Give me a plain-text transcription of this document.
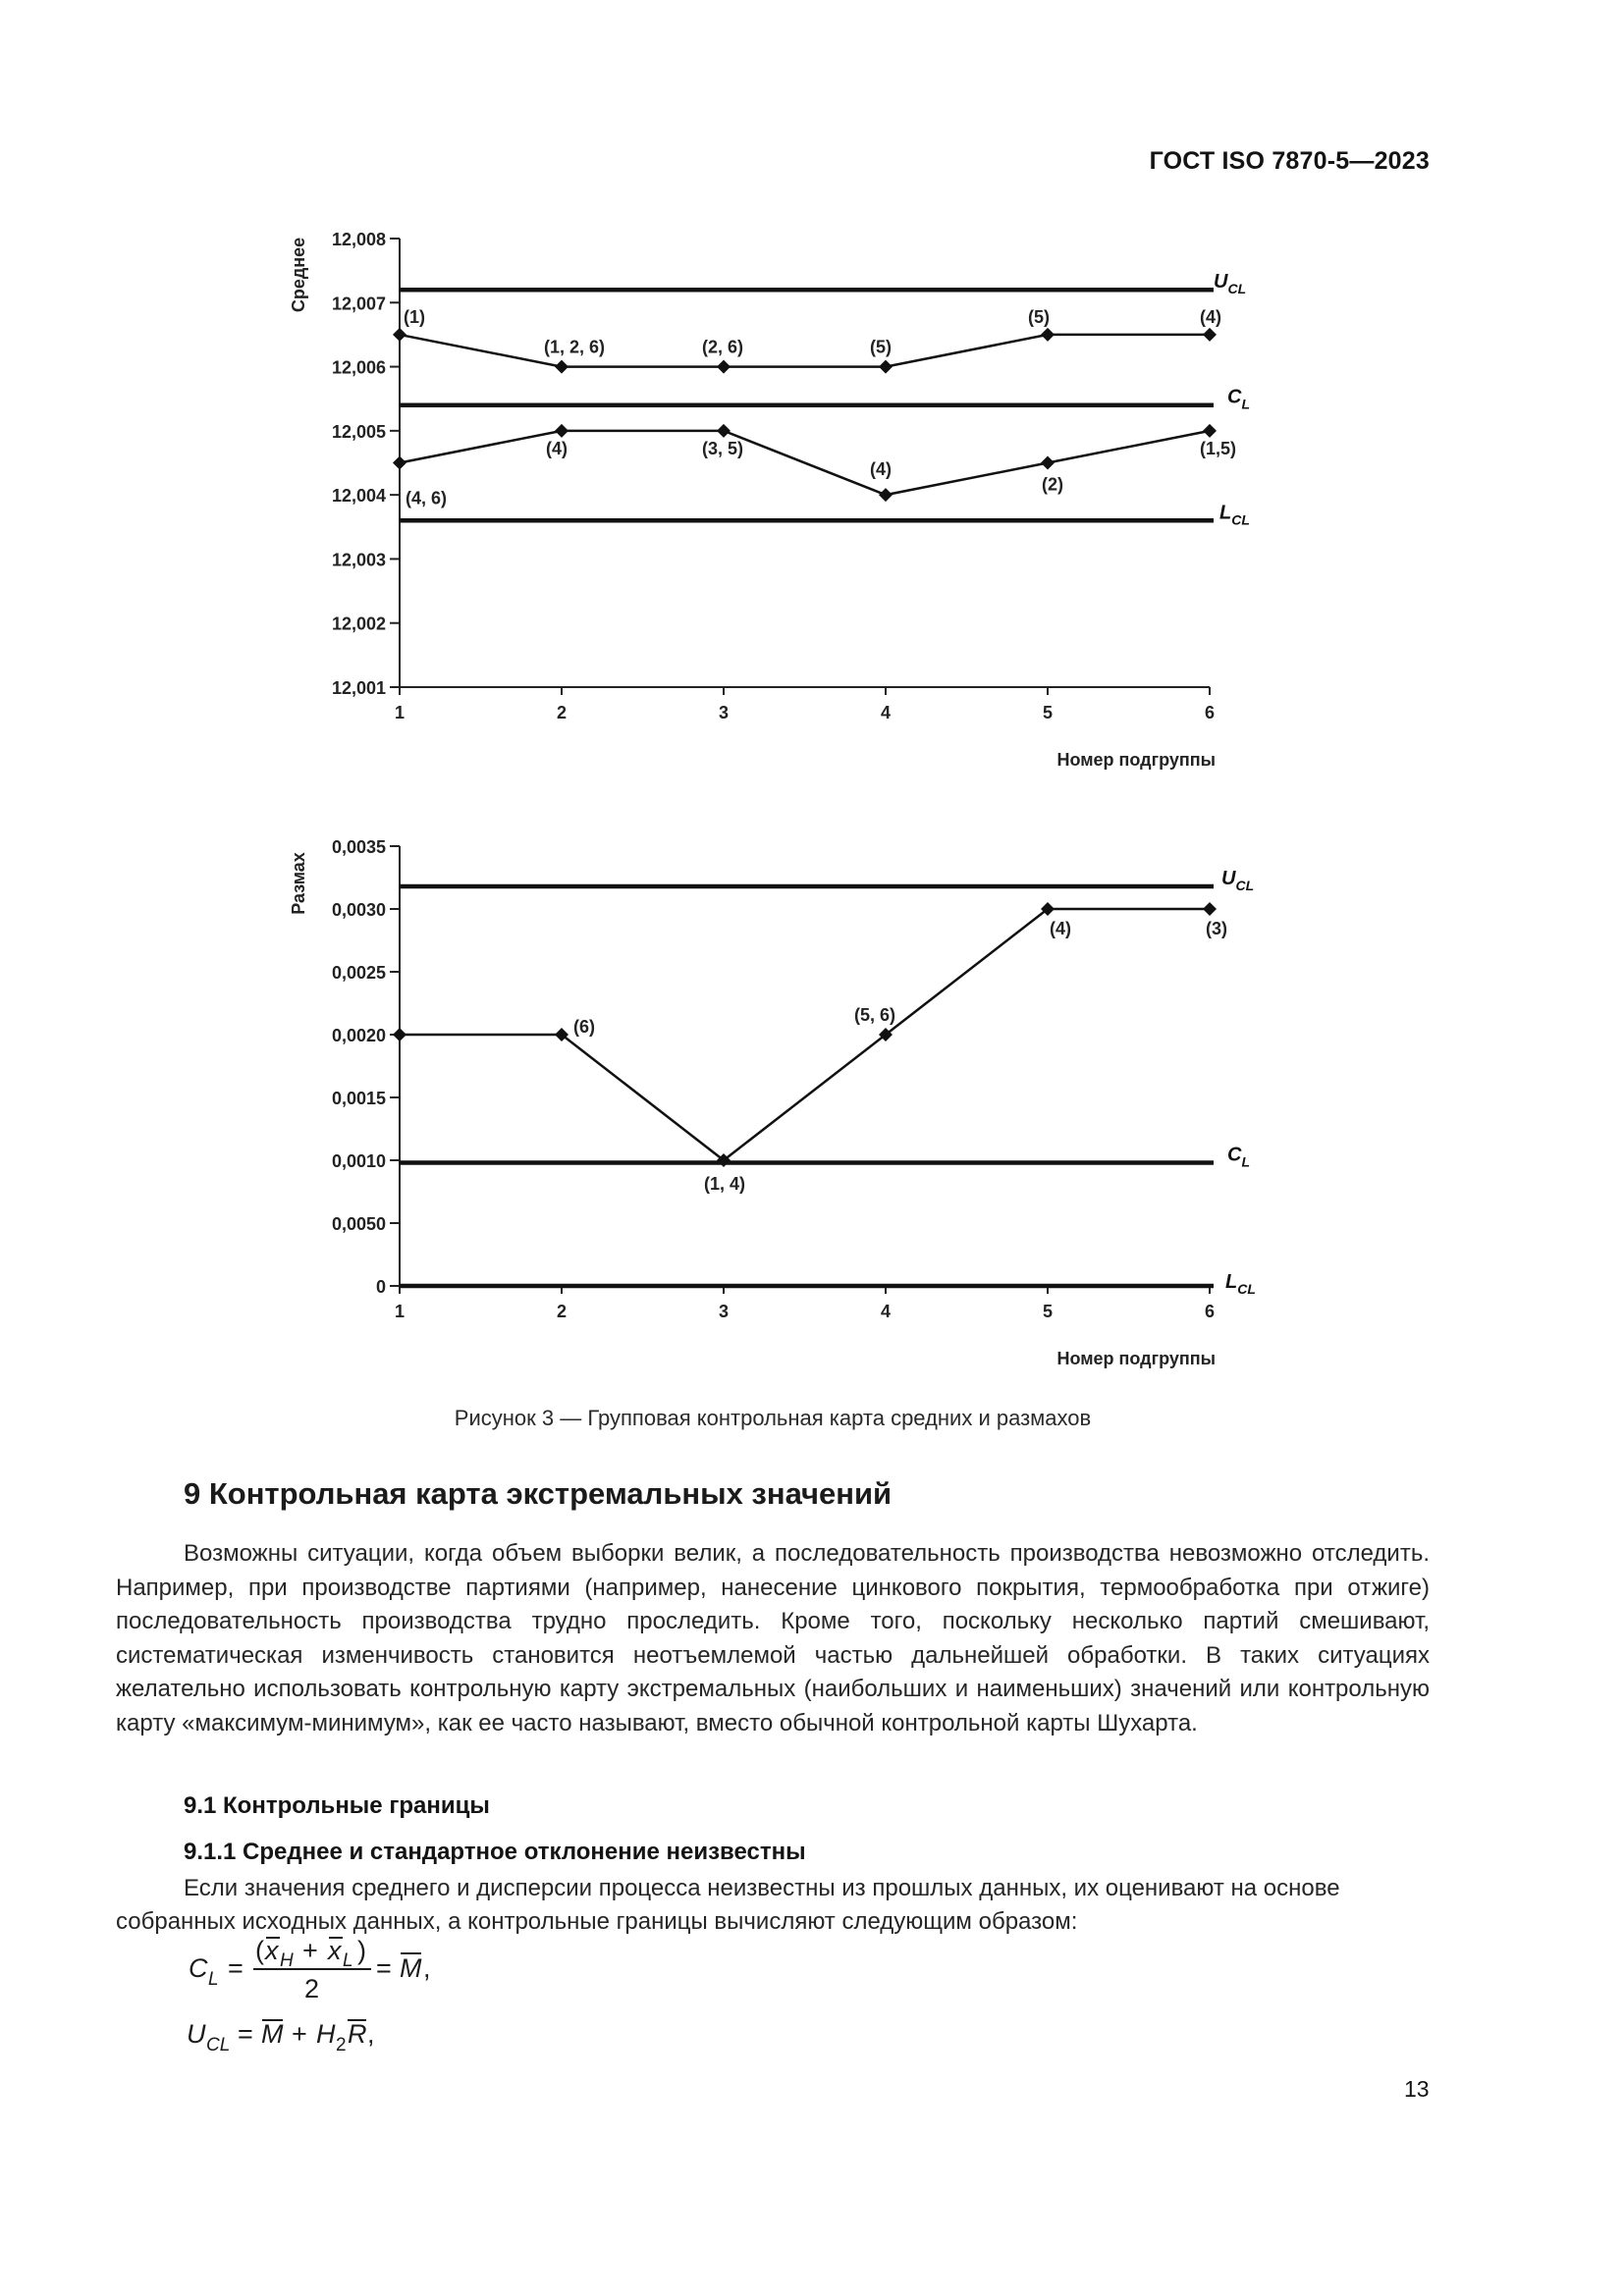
ГОСТ ISO 7870-5—2023
12,008
12,007
12,006
12,005
12,004
12,003
12,002
12,001
1	2	3	4	5	6
Среднее
Номер подгруппы
$U_{CL}$
$C_L$
$L_{CL}$
(1)
(1, 2, 6)	(2, 6)	(5)
(5)	(4)
(4, 6)
(4)	(3, 5)
(4)
(2)
(1,5)
0,0035
0,0030
0,0025
0,0020
0,0015
0,0010
0,0050
0
1	2	3	4	5	6
Размах
Номер подгруппы
$U_{CL}$
$C_L$
$L_{CL}$
(6)
(1, 4)
(5, 6)
(4)	(3)
Рисунок 3 — Групповая контрольная карта средних и размахов
9 Контрольная карта экстремальных значений

Возможны ситуации, когда объем выборки велик, а последовательность производства невозможно отследить. Например, при производстве партиями (например, нанесение цинкового покрытия, термообработка при отжиге) последовательность производства трудно проследить. Кроме того, поскольку несколько партий смешивают, систематическая изменчивость становится неотъемлемой частью дальнейшей обработки. В таких ситуациях желательно использовать контрольную карту экстремальных (наибольших и наименьших) значений или контрольную карту «максимум-минимум», как ее часто называют, вместо обычной контрольной карты Шухарта.

9.1 Контрольные границы
9.1.1 Среднее и стандартное отклонение неизвестны

Если значения среднего и дисперсии процесса неизвестны из прошлых данных, их оценивают на основе собранных исходных данных, а контрольные границы вычисляют следующим образом:

C L =
( x H + x L )
2
= M ,
U CL = M + H 2 R ,
13
